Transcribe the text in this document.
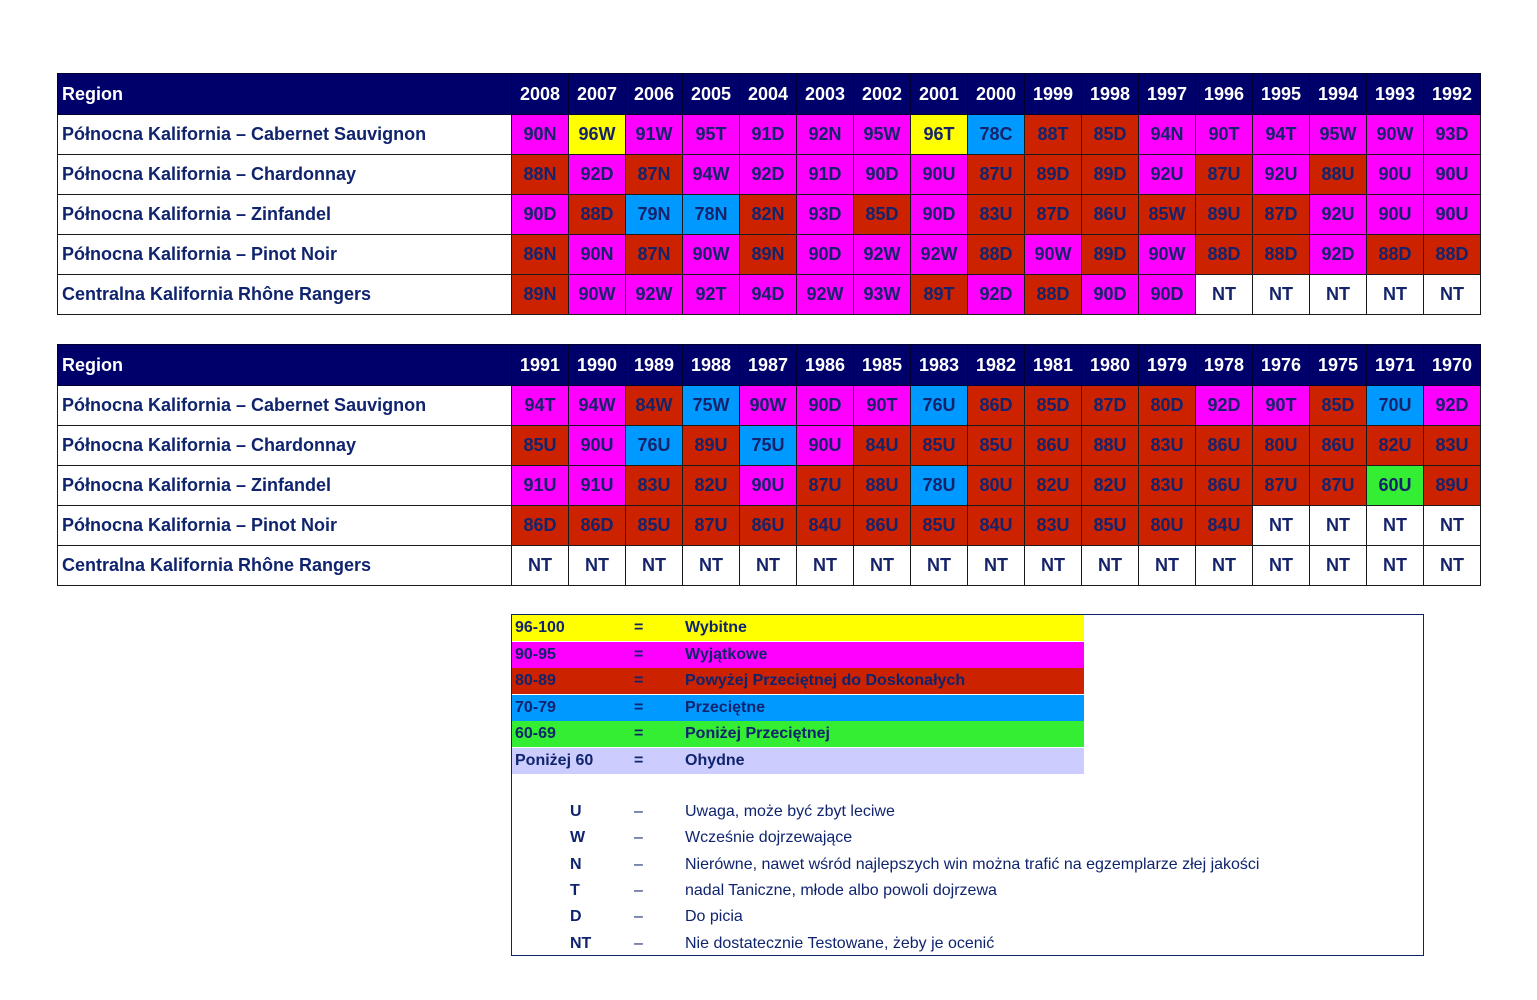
Region	2008	2007	2006	2005	2004	2003	2002	2001	2000	1999	1998	1997	1996	1995	1994	1993	1992
Północna Kalifornia – Cabernet Sauvignon	90N	96W	91W	95T	91D	92N	95W	96T	78C	88T	85D	94N	90T	94T	95W	90W	93D
Północna Kalifornia – Chardonnay	88N	92D	87N	94W	92D	91D	90D	90U	87U	89D	89D	92U	87U	92U	88U	90U	90U
Północna Kalifornia – Zinfandel	90D	88D	79N	78N	82N	93D	85D	90D	83U	87D	86U	85W	89U	87D	92U	90U	90U
Północna Kalifornia – Pinot Noir	86N	90N	87N	90W	89N	90D	92W	92W	88D	90W	89D	90W	88D	88D	92D	88D	88D
Centralna Kalifornia Rhône Rangers	89N	90W	92W	92T	94D	92W	93W	89T	92D	88D	90D	90D	NT	NT	NT	NT	NT
Region	1991	1990	1989	1988	1987	1986	1985	1983	1982	1981	1980	1979	1978	1976	1975	1971	1970
Północna Kalifornia – Cabernet Sauvignon	94T	94W	84W	75W	90W	90D	90T	76U	86D	85D	87D	80D	92D	90T	85D	70U	92D
Północna Kalifornia – Chardonnay	85U	90U	76U	89U	75U	90U	84U	85U	85U	86U	88U	83U	86U	80U	86U	82U	83U
Północna Kalifornia – Zinfandel	91U	91U	83U	82U	90U	87U	88U	78U	80U	82U	82U	83U	86U	87U	87U	60U	89U
Północna Kalifornia – Pinot Noir	86D	86D	85U	87U	86U	84U	86U	85U	84U	83U	85U	80U	84U	NT	NT	NT	NT
Centralna Kalifornia Rhône Rangers	NT	NT	NT	NT	NT	NT	NT	NT	NT	NT	NT	NT	NT	NT	NT	NT	NT
96-100	=	Wybitne
90-95	=	Wyjątkowe
80-89	=	Powyżej Przeciętnej do Doskonałych
70-79	=	Przeciętne
60-69	=	Poniżej Przeciętnej
Poniżej 60	=	Ohydne
U	–	Uwaga, może być zbyt leciwe
W	–	Wcześnie dojrzewające
N	–	Nierówne, nawet wśród najlepszych win można trafić na egzemplarze złej jakości
T	–	nadal Taniczne, młode albo powoli dojrzewa
D	–	Do picia
NT	–	Nie dostatecznie Testowane, żeby je ocenić
